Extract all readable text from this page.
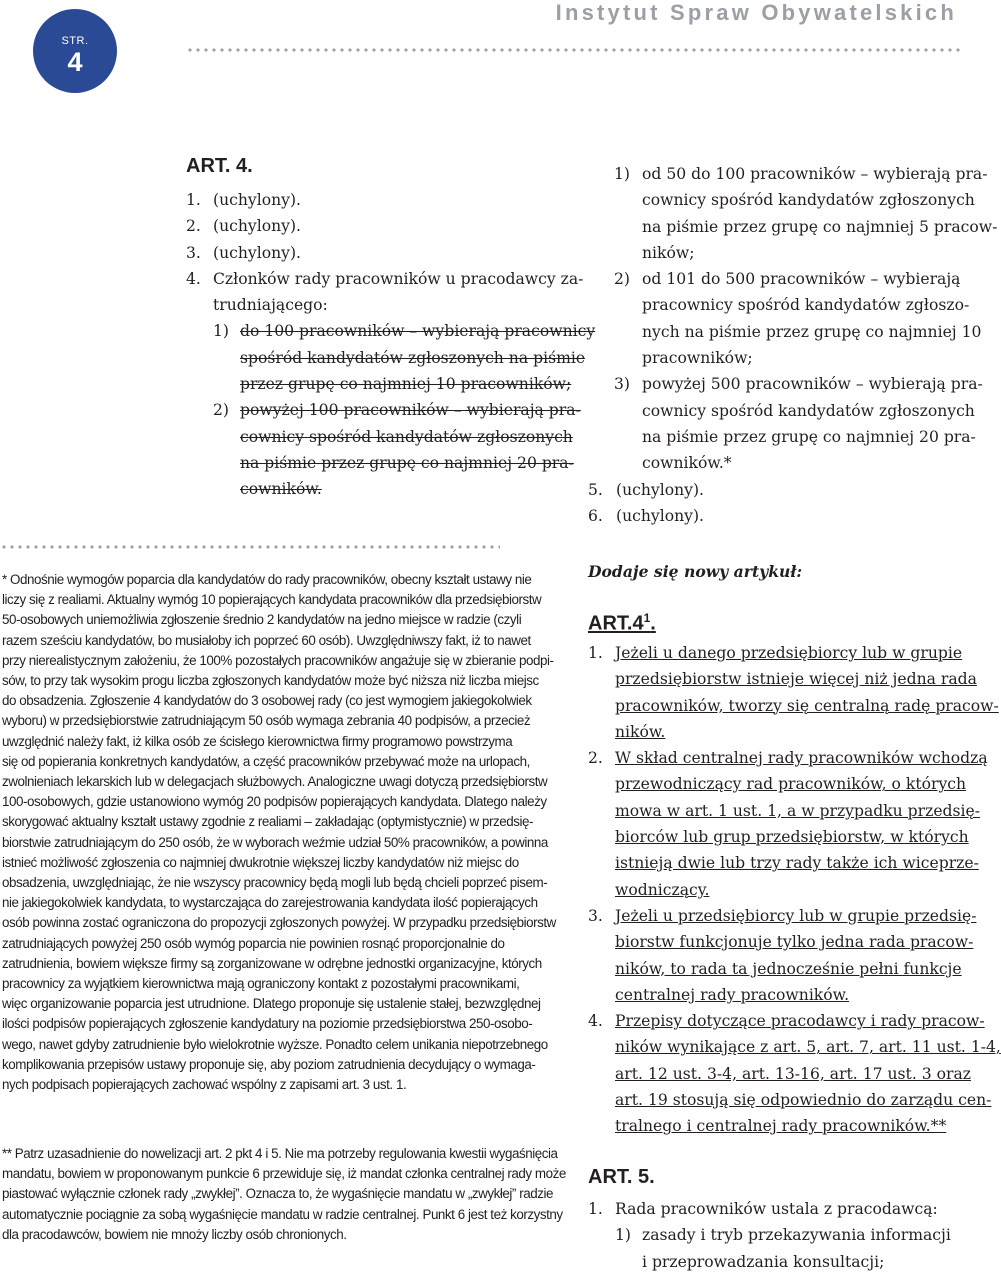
Instytut Spraw Obywatelskich
STR.
4
ART. 4.
1. (uchylony).
2. (uchylony).
3. (uchylony).
4. Członków rady pracowników u pracodawcy za-
trudniającego:
1) do 100 pracowników – wybierają pracownicy
spośród kandydatów zgłoszonych na piśmie
przez grupę co najmniej 10 pracowników;
2) powyżej 100 pracowników – wybierają pra-
cownicy spośród kandydatów zgłoszonych
na piśmie przez grupę co najmniej 20 pra-
cowników.
* Odnośnie wymogów poparcia dla kandydatów do rady pracowników, obecny kształt ustawy nie
liczy się z realiami. Aktualny wymóg 10 popierających kandydata pracowników dla przedsiębiorstw
50-osobowych uniemożliwia zgłoszenie średnio 2 kandydatów na jedno miejsce w radzie (czyli
razem sześciu kandydatów, bo musiałoby ich poprzeć 60 osób). Uwzględniwszy fakt, iż to nawet
przy nierealistycznym założeniu, że 100% pozostałych pracowników angażuje się w zbieranie podpi-
sów, to przy tak wysokim progu liczba zgłoszonych kandydatów może być niższa niż liczba miejsc
do obsadzenia. Zgłoszenie 4 kandydatów do 3 osobowej rady (co jest wymogiem jakiegokolwiek
wyboru) w przedsiębiorstwie zatrudniającym 50 osób wymaga zebrania 40 podpisów, a przecież
uwzględnić należy fakt, iż kilka osób ze ścisłego kierownictwa firmy programowo powstrzyma
się od popierania konkretnych kandydatów, a część pracowników przebywać może na urlopach,
zwolnieniach lekarskich lub w delegacjach służbowych. Analogiczne uwagi dotyczą przedsiębiorstw
100-osobowych, gdzie ustanowiono wymóg 20 podpisów popierających kandydata. Dlatego należy
skorygować aktualny kształt ustawy zgodnie z realiami – zakładając (optymistycznie) w przedsię-
biorstwie zatrudniającym do 250 osób, że w wyborach weźmie udział 50% pracowników, a powinna
istnieć możliwość zgłoszenia co najmniej dwukrotnie większej liczby kandydatów niż miejsc do
obsadzenia, uwzględniając, że nie wszyscy pracownicy będą mogli lub będą chcieli poprzeć pisem-
nie jakiegokolwiek kandydata, to wystarczająca do zarejestrowania kandydata ilość popierających
osób powinna zostać ograniczona do propozycji zgłoszonych powyżej. W przypadku przedsiębiorstw
zatrudniających powyżej 250 osób wymóg poparcia nie powinien rosnąć proporcjonalnie do
zatrudnienia, bowiem większe firmy są zorganizowane w odrębne jednostki organizacyjne, których
pracownicy za wyjątkiem kierownictwa mają ograniczony kontakt z pozostałymi pracownikami,
więc organizowanie poparcia jest utrudnione. Dlatego proponuje się ustalenie stałej, bezwzględnej
ilości podpisów popierających zgłoszenie kandydatury na poziomie przedsiębiorstwa 250-osobo-
wego, nawet gdyby zatrudnienie było wielokrotnie wyższe. Ponadto celem unikania niepotrzebnego
komplikowania przepisów ustawy proponuje się, aby poziom zatrudnienia decydujący o wymaga-
nych podpisach popierających zachować wspólny z zapisami art. 3 ust. 1.
** Patrz uzasadnienie do nowelizacji art. 2 pkt 4 i 5. Nie ma potrzeby regulowania kwestii wygaśnięcia
mandatu, bowiem w proponowanym punkcie 6 przewiduje się, iż mandat członka centralnej rady może
piastować wyłącznie członek rady „zwykłej”. Oznacza to, że wygaśnięcie mandatu w „zwykłej” radzie
automatycznie pociągnie za sobą wygaśnięcie mandatu w radzie centralnej. Punkt 6 jest też korzystny
dla pracodawców, bowiem nie mnoży liczby osób chronionych.
1) od 50 do 100 pracowników – wybierają pra-
cownicy spośród kandydatów zgłoszonych
na piśmie przez grupę co najmniej 5 pracow-
ników;
2) od 101 do 500 pracowników – wybierają
pracownicy spośród kandydatów zgłoszo-
nych na piśmie przez grupę co najmniej 10
pracowników;
3) powyżej 500 pracowników – wybierają pra-
cownicy spośród kandydatów zgłoszonych
na piśmie przez grupę co najmniej 20 pra-
cowników.*
5. (uchylony).
6. (uchylony).
Dodaje się nowy artykuł:
$ART.4^1$.
1. Jeżeli u danego przedsiębiorcy lub w grupie
przedsiębiorstw istnieje więcej niż jedna rada
pracowników, tworzy się centralną radę pracow-
ników.
2. W skład centralnej rady pracowników wchodzą
przewodniczący rad pracowników, o których
mowa w art. 1 ust. 1, a w przypadku przedsię-
biorców lub grup przedsiębiorstw, w których
istnieją dwie lub trzy rady także ich wiceprze-
wodniczący.
3. Jeżeli u przedsiębiorcy lub w grupie przedsię-
biorstw funkcjonuje tylko jedna rada pracow-
ników, to rada ta jednocześnie pełni funkcje
centralnej rady pracowników.
4. Przepisy dotyczące pracodawcy i rady pracow-
ników wynikające z art. 5, art. 7, art. 11 ust. 1-4,
art. 12 ust. 3-4, art. 13-16, art. 17 ust. 3 oraz
art. 19 stosują się odpowiednio do zarządu cen-
tralnego i centralnej rady pracowników.**
ART. 5.
1. Rada pracowników ustala z pracodawcą:
1) zasady i tryb przekazywania informacji
i przeprowadzania konsultacji;
